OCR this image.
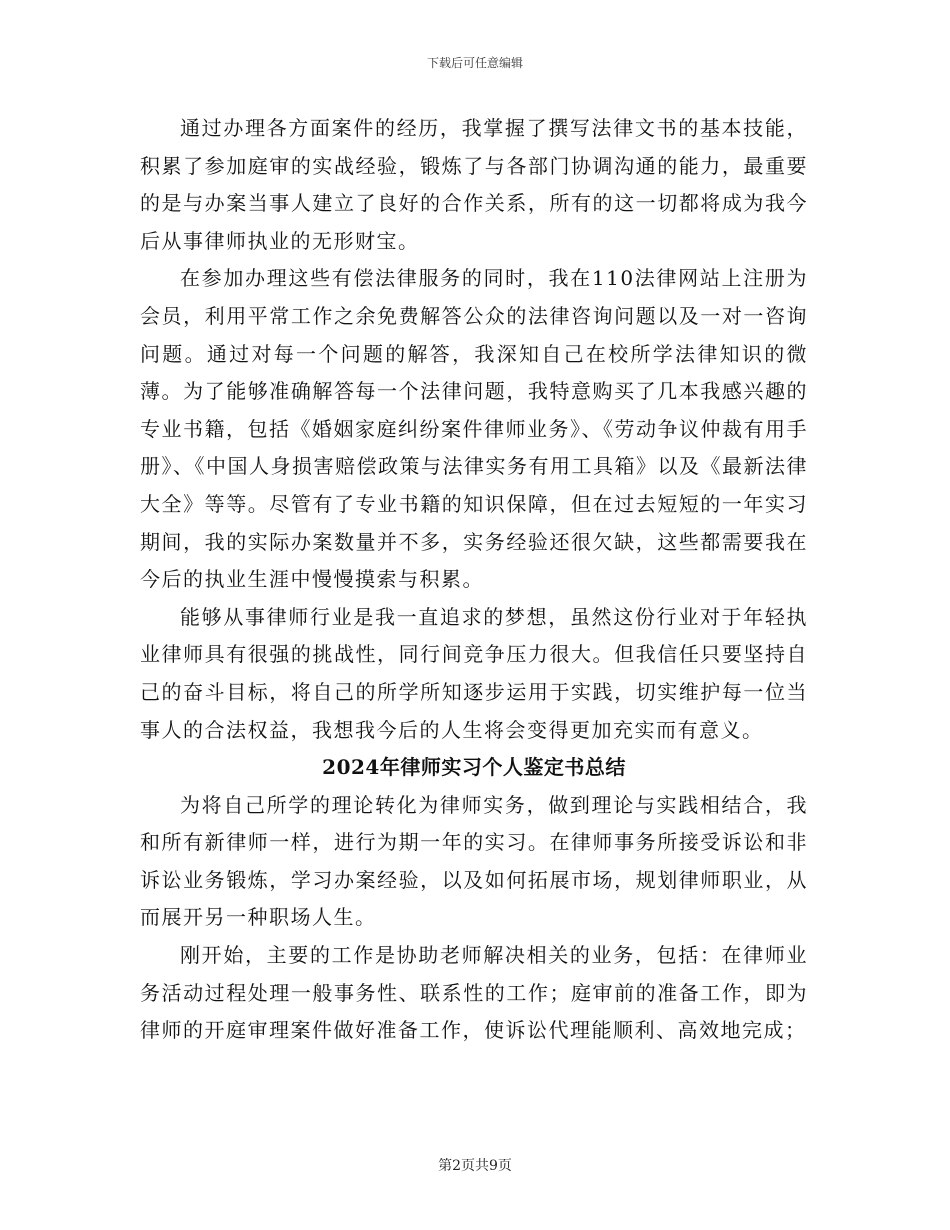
下载后可任意编辑

通过办理各方面案件的经历，我掌握了撰写法律文书的基本技能，积累了参加庭审的实战经验，锻炼了与各部门协调沟通的能力，最重要的是与办案当事人建立了良好的合作关系，所有的这一切都将成为我今后从事律师执业的无形财宝。

在参加办理这些有偿法律服务的同时，我在110法律网站上注册为会员，利用平常工作之余免费解答公众的法律咨询问题以及一对一咨询问题。通过对每一个问题的解答，我深知自己在校所学法律知识的微薄。为了能够准确解答每一个法律问题，我特意购买了几本我感兴趣的专业书籍，包括《婚姻家庭纠纷案件律师业务》、《劳动争议仲裁有用手册》、《中国人身损害赔偿政策与法律实务有用工具箱》以及《最新法律大全》等等。尽管有了专业书籍的知识保障，但在过去短短的一年实习期间，我的实际办案数量并不多，实务经验还很欠缺，这些都需要我在今后的执业生涯中慢慢摸索与积累。

能够从事律师行业是我一直追求的梦想，虽然这份行业对于年轻执业律师具有很强的挑战性，同行间竞争压力很大。但我信任只要坚持自己的奋斗目标，将自己的所学所知逐步运用于实践，切实维护每一位当事人的合法权益，我想我今后的人生将会变得更加充实而有意义。

2024年律师实习个人鉴定书总结

为将自己所学的理论转化为律师实务，做到理论与实践相结合，我和所有新律师一样，进行为期一年的实习。在律师事务所接受诉讼和非诉讼业务锻炼，学习办案经验，以及如何拓展市场，规划律师职业，从而展开另一种职场人生。

刚开始，主要的工作是协助老师解决相关的业务，包括：在律师业务活动过程处理一般事务性、联系性的工作；庭审前的准备工作，即为律师的开庭审理案件做好准备工作，使诉讼代理能顺利、高效地完成；

第2页共9页
